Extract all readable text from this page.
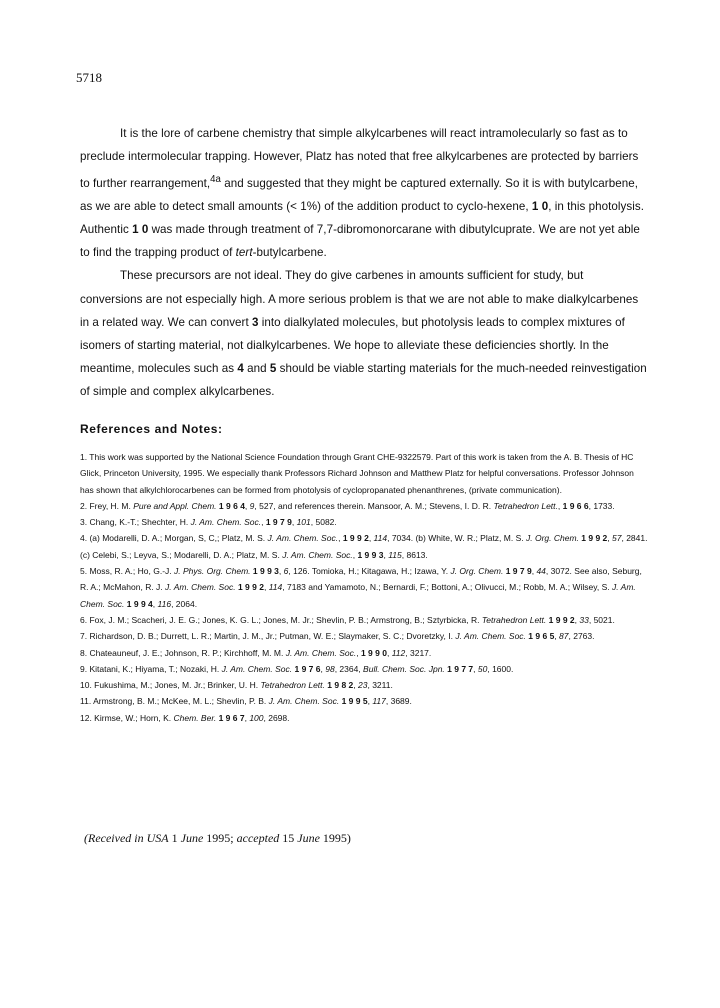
5718

It is the lore of carbene chemistry that simple alkylcarbenes will react intramolecularly so fast as to preclude intermolecular trapping. However, Platz has noted that free alkylcarbenes are protected by barriers to further rearrangement,$^{4a}$ and suggested that they might be captured externally. So it is with butylcarbene, as we are able to detect small amounts (< 1%) of the addition product to cyclo-hexene, 1 0, in this photolysis. Authentic 1 0 was made through treatment of 7,7-dibromonorcarane with dibutylcuprate. We are not yet able to find the trapping product of tert-butylcarbene.

These precursors are not ideal. They do give carbenes in amounts sufficient for study, but conversions are not especially high. A more serious problem is that we are not able to make dialkylcarbenes in a related way. We can convert 3 into dialkylated molecules, but photolysis leads to complex mixtures of isomers of starting material, not dialkylcarbenes. We hope to alleviate these deficiencies shortly. In the meantime, molecules such as 4 and 5 should be viable starting materials for the much-needed reinvestigation of simple and complex alkylcarbenes.

References and Notes:

1. This work was supported by the National Science Foundation through Grant CHE-9322579. Part of this work is taken from the A. B. Thesis of HC Glick, Princeton University, 1995. We especially thank Professors Richard Johnson and Matthew Platz for helpful conversations. Professor Johnson has shown that alkylchlorocarbenes can be formed from photolysis of cyclopropanated phenanthrenes, (private communication).

2. Frey, H. M. Pure and Appl. Chem. 1 9 6 4, 9, 527, and references therein. Mansoor, A. M.; Stevens, I. D. R. Tetrahedron Lett., 1 9 6 6, 1733.

3. Chang, K.-T.; Shechter, H. J. Am. Chem. Soc., 1 9 7 9, 101, 5082.

4. (a) Modarelli, D. A.; Morgan, S, C,; Platz, M. S. J. Am. Chem. Soc., 1 9 9 2, 114, 7034. (b) White, W. R.; Platz, M. S. J. Org. Chem. 1 9 9 2, 57, 2841. (c) Celebi, S.; Leyva, S.; Modarelli, D. A.; Platz, M. S. J. Am. Chem. Soc., 1 9 9 3, 115, 8613.

5. Moss, R. A.; Ho, G.-J. J. Phys. Org. Chem. 1 9 9 3, 6, 126. Tomioka, H.; Kitagawa, H.; Izawa, Y. J. Org. Chem. 1 9 7 9, 44, 3072. See also, Seburg, R. A.; McMahon, R. J. J. Am. Chem. Soc. 1 9 9 2, 114, 7183 and Yamamoto, N.; Bernardi, F.; Bottoni, A.; Olivucci, M.; Robb, M. A.; Wilsey, S. J. Am. Chem. Soc. 1 9 9 4, 116, 2064.

6. Fox, J. M.; Scacheri, J. E. G.; Jones, K. G. L.; Jones, M. Jr.; Shevlin, P. B.; Armstrong, B.; Sztyrbicka, R. Tetrahedron Lett. 1 9 9 2, 33, 5021.

7. Richardson, D. B.; Durrett, L. R.; Martin, J. M., Jr.; Putman, W. E.; Slaymaker, S. C.; Dvoretzky, I. J. Am. Chem. Soc. 1 9 6 5, 87, 2763.

8. Chateauneuf, J. E.; Johnson, R. P.; Kirchhoff, M. M. J. Am. Chem. Soc., 1 9 9 0, 112, 3217.

9. Kitatani, K.; Hiyama, T.; Nozaki, H. J. Am. Chem. Soc. 1 9 7 6, 98, 2364, Bull. Chem. Soc. Jpn. 1 9 7 7, 50, 1600.

10. Fukushima, M.; Jones, M. Jr.; Brinker, U. H. Tetrahedron Lett. 1 9 8 2, 23, 3211.

11. Armstrong, B. M.; McKee, M. L.; Shevlin, P. B. J. Am. Chem. Soc. 1 9 9 5, 117, 3689.

12. Kirmse, W.; Horn, K. Chem. Ber. 1 9 6 7, 100, 2698.

(Received in USA 1 June 1995; accepted 15 June 1995)
